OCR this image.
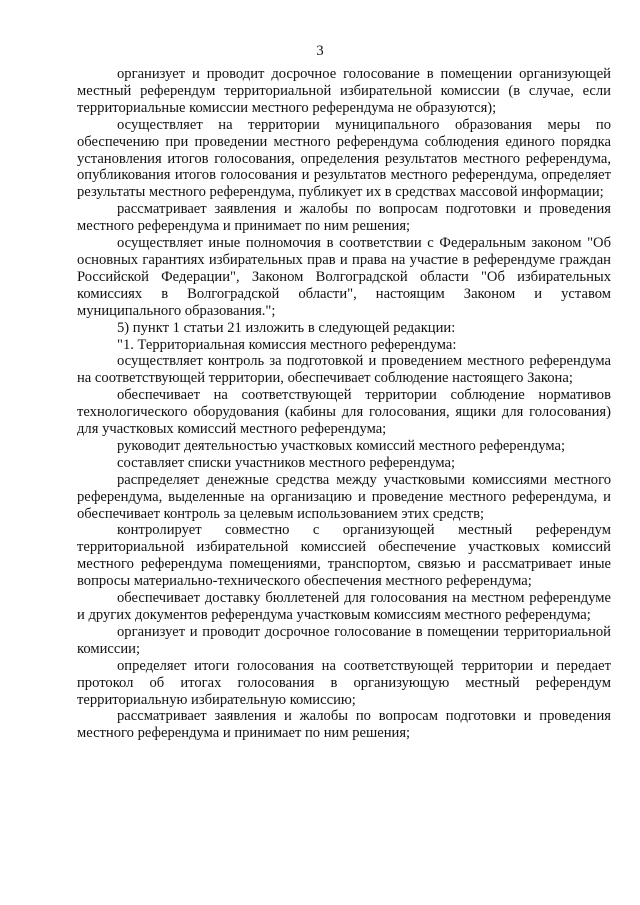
3

организует и проводит досрочное голосование в помещении организующей местный референдум территориальной избирательной комиссии (в случае, если территориальные комиссии местного референдума не образуются);

осуществляет на территории муниципального образования меры по обеспечению при проведении местного референдума соблюдения единого порядка установления итогов голосования, определения результатов местного референдума, опубликования итогов голосования и результатов местного референдума, определяет результаты местного референдума, публикует их в средствах массовой информации;

рассматривает заявления и жалобы по вопросам подготовки и проведения местного референдума и принимает по ним решения;

осуществляет иные полномочия в соответствии с Федеральным законом "Об основных гарантиях избирательных прав и права на участие в референдуме граждан Российской Федерации", Законом Волгоградской области "Об избирательных комиссиях в Волгоградской области", настоящим Законом и уставом муниципального образования.";

5) пункт 1 статьи 21 изложить в следующей редакции:

"1. Территориальная комиссия местного референдума:

осуществляет контроль за подготовкой и проведением местного референдума на соответствующей территории, обеспечивает соблюдение настоящего Закона;

обеспечивает на соответствующей территории соблюдение нормативов технологического оборудования (кабины для голосования, ящики для голосования) для участковых комиссий местного референдума;

руководит деятельностью участковых комиссий местного референдума;

составляет списки участников местного референдума;

распределяет денежные средства между участковыми комиссиями местного референдума, выделенные на организацию и проведение местного референдума, и обеспечивает контроль за целевым использованием этих средств;

контролирует совместно с организующей местный референдум территориальной избирательной комиссией обеспечение участковых комиссий местного референдума помещениями, транспортом, связью и рассматривает иные вопросы материально-технического обеспечения местного референдума;

обеспечивает доставку бюллетеней для голосования на местном референдуме и других документов референдума участковым комиссиям местного референдума;

организует и проводит досрочное голосование в помещении территориальной комиссии;

определяет итоги голосования на соответствующей территории и передает протокол об итогах голосования в организующую местный референдум территориальную избирательную комиссию;

рассматривает заявления и жалобы по вопросам подготовки и проведения местного референдума и принимает по ним решения;
